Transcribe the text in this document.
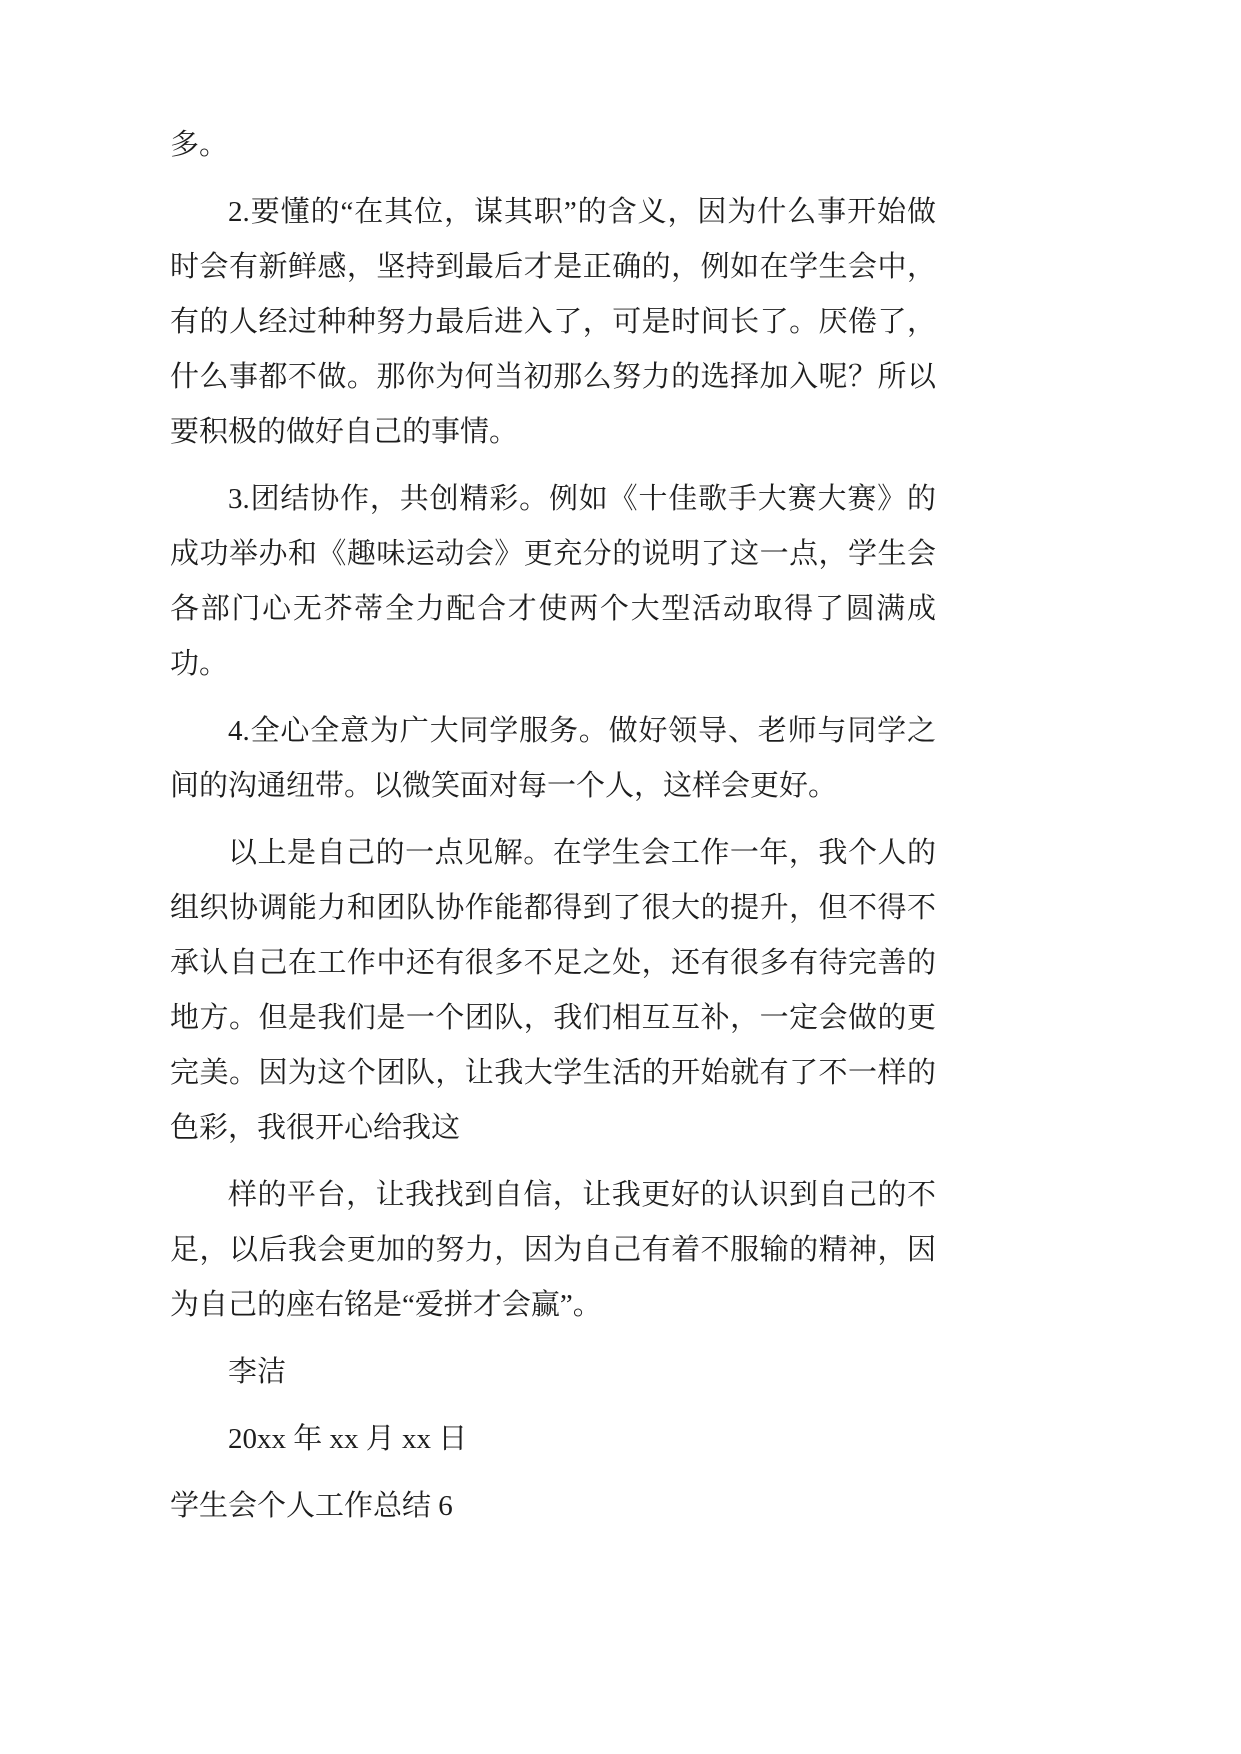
多。

2.要懂的“在其位，谋其职”的含义，因为什么事开始做时会有新鲜感，坚持到最后才是正确的，例如在学生会中，有的人经过种种努力最后进入了，可是时间长了。厌倦了，什么事都不做。那你为何当初那么努力的选择加入呢？所以要积极的做好自己的事情。

3.团结协作，共创精彩。例如《十佳歌手大赛大赛》的成功举办和《趣味运动会》更充分的说明了这一点，学生会各部门心无芥蒂全力配合才使两个大型活动取得了圆满成功。

4.全心全意为广大同学服务。做好领导、老师与同学之间的沟通纽带。以微笑面对每一个人，这样会更好。

以上是自己的一点见解。在学生会工作一年，我个人的组织协调能力和团队协作能都得到了很大的提升，但不得不承认自己在工作中还有很多不足之处，还有很多有待完善的地方。但是我们是一个团队，我们相互互补，一定会做的更完美。因为这个团队，让我大学生活的开始就有了不一样的色彩，我很开心给我这

样的平台，让我找到自信，让我更好的认识到自己的不足，以后我会更加的努力，因为自己有着不服输的精神，因为自己的座右铭是“爱拼才会赢”。

李洁

20xx 年 xx 月 xx 日

学生会个人工作总结 6
